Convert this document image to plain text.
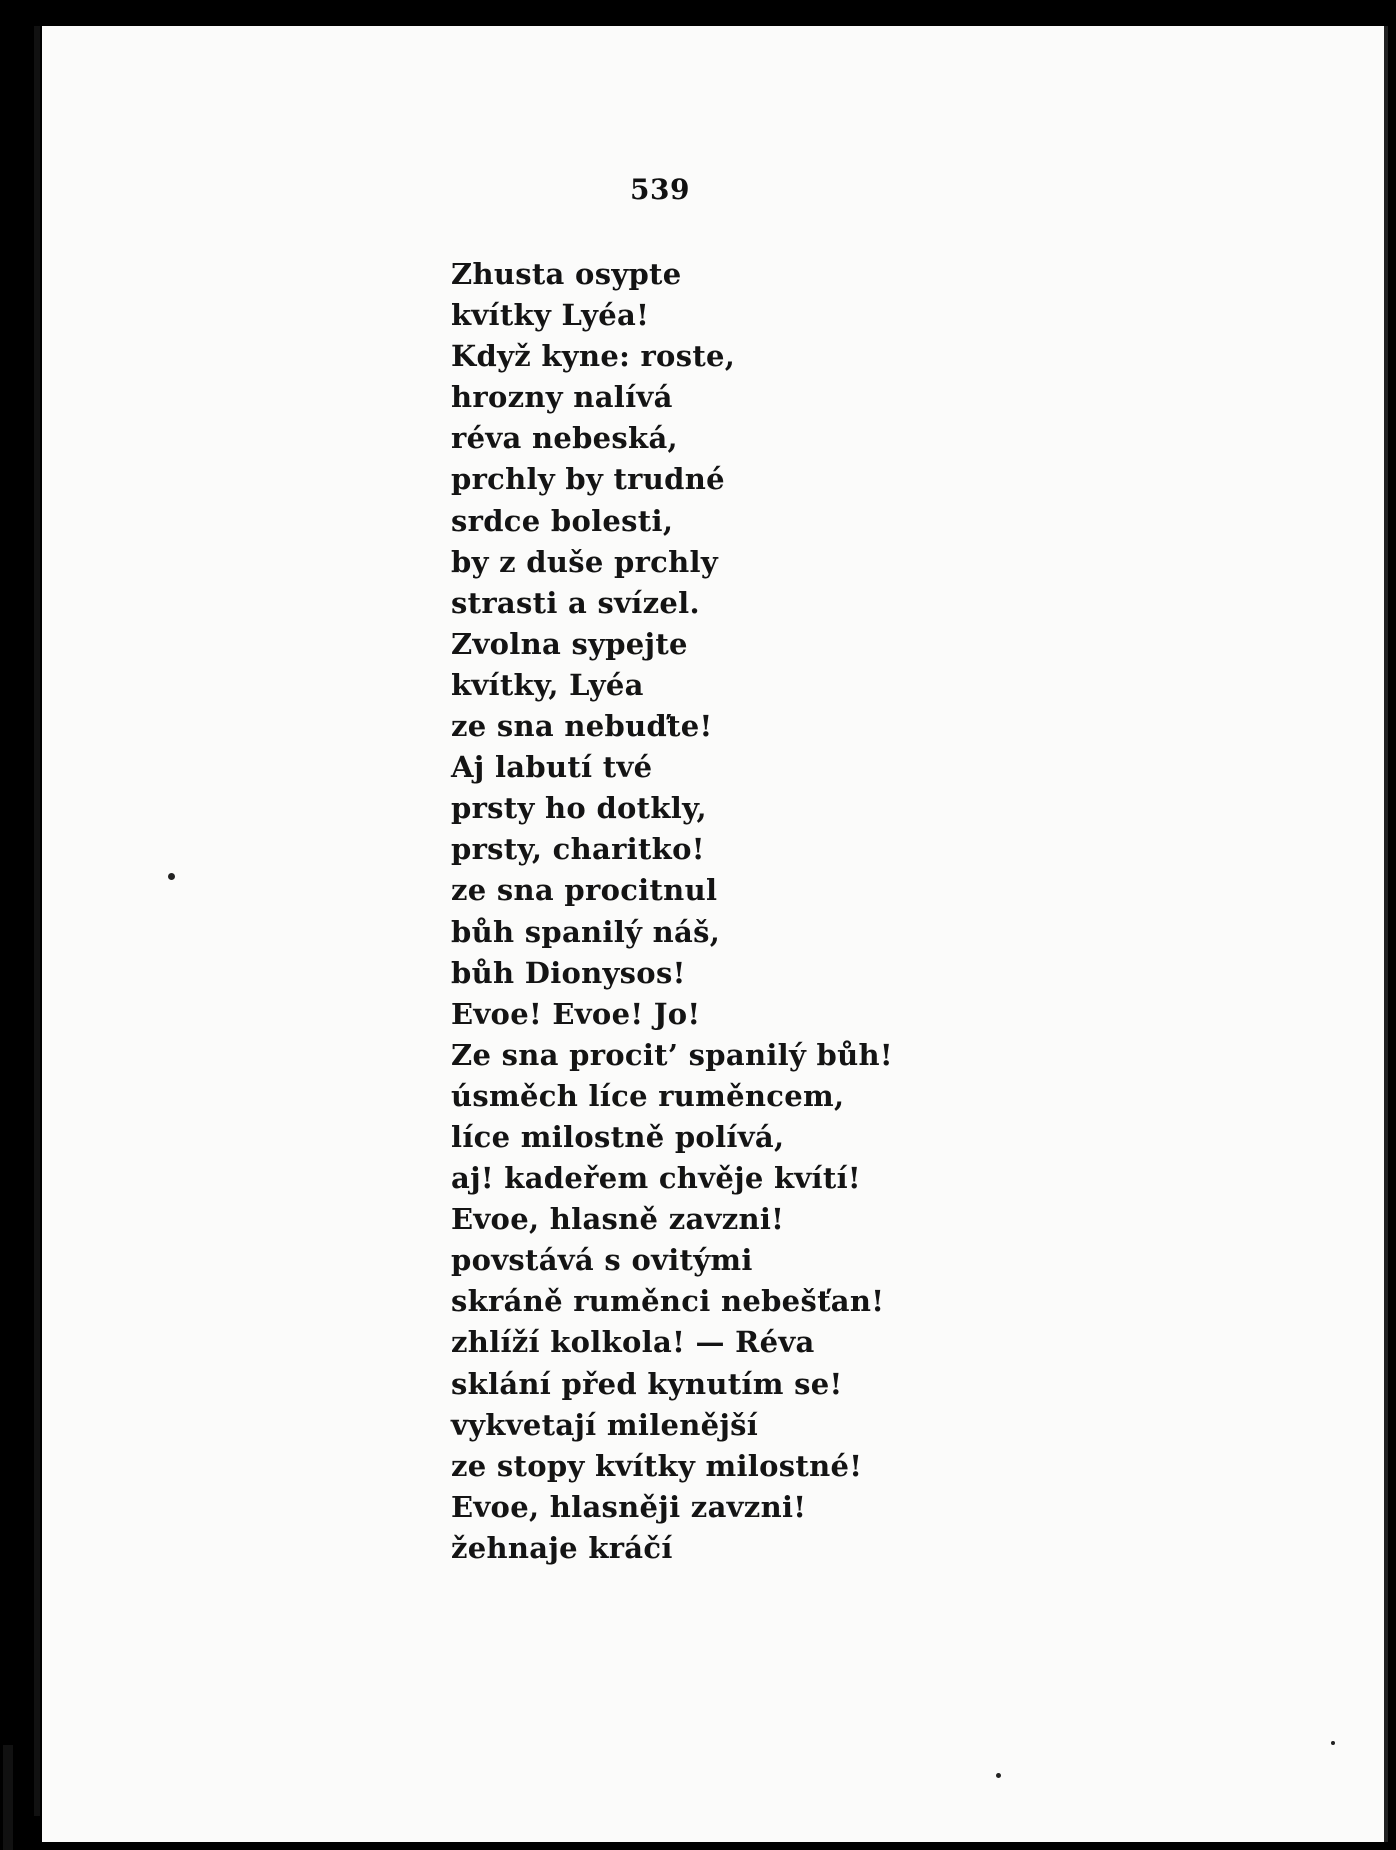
539
Zhusta osypte
kvítky Lyéa!
Když kyne: roste,
hrozny nalívá
réva nebeská,
prchly by trudné
srdce bolesti,
by z duše prchly
strasti a svízel.
Zvolna sypejte
kvítky, Lyéa
ze sna nebuďte!
Aj labutí tvé
prsty ho dotkly,
prsty, charitko!
ze sna procitnul
bůh spanilý náš,
bůh Dionysos!
Evoe! Evoe! Jo!
Ze sna procit’ spanilý bůh!
úsměch líce ruměncem,
líce milostně polívá,
aj! kadeřem chvěje kvítí!
Evoe, hlasně zavzni!
povstává s ovitými
skráně ruměnci nebešťan!
zhlíží kolkola! — Réva
sklání před kynutím se!
vykvetají milenější
ze stopy kvítky milostné!
Evoe, hlasněji zavzni!
žehnaje kráčí
